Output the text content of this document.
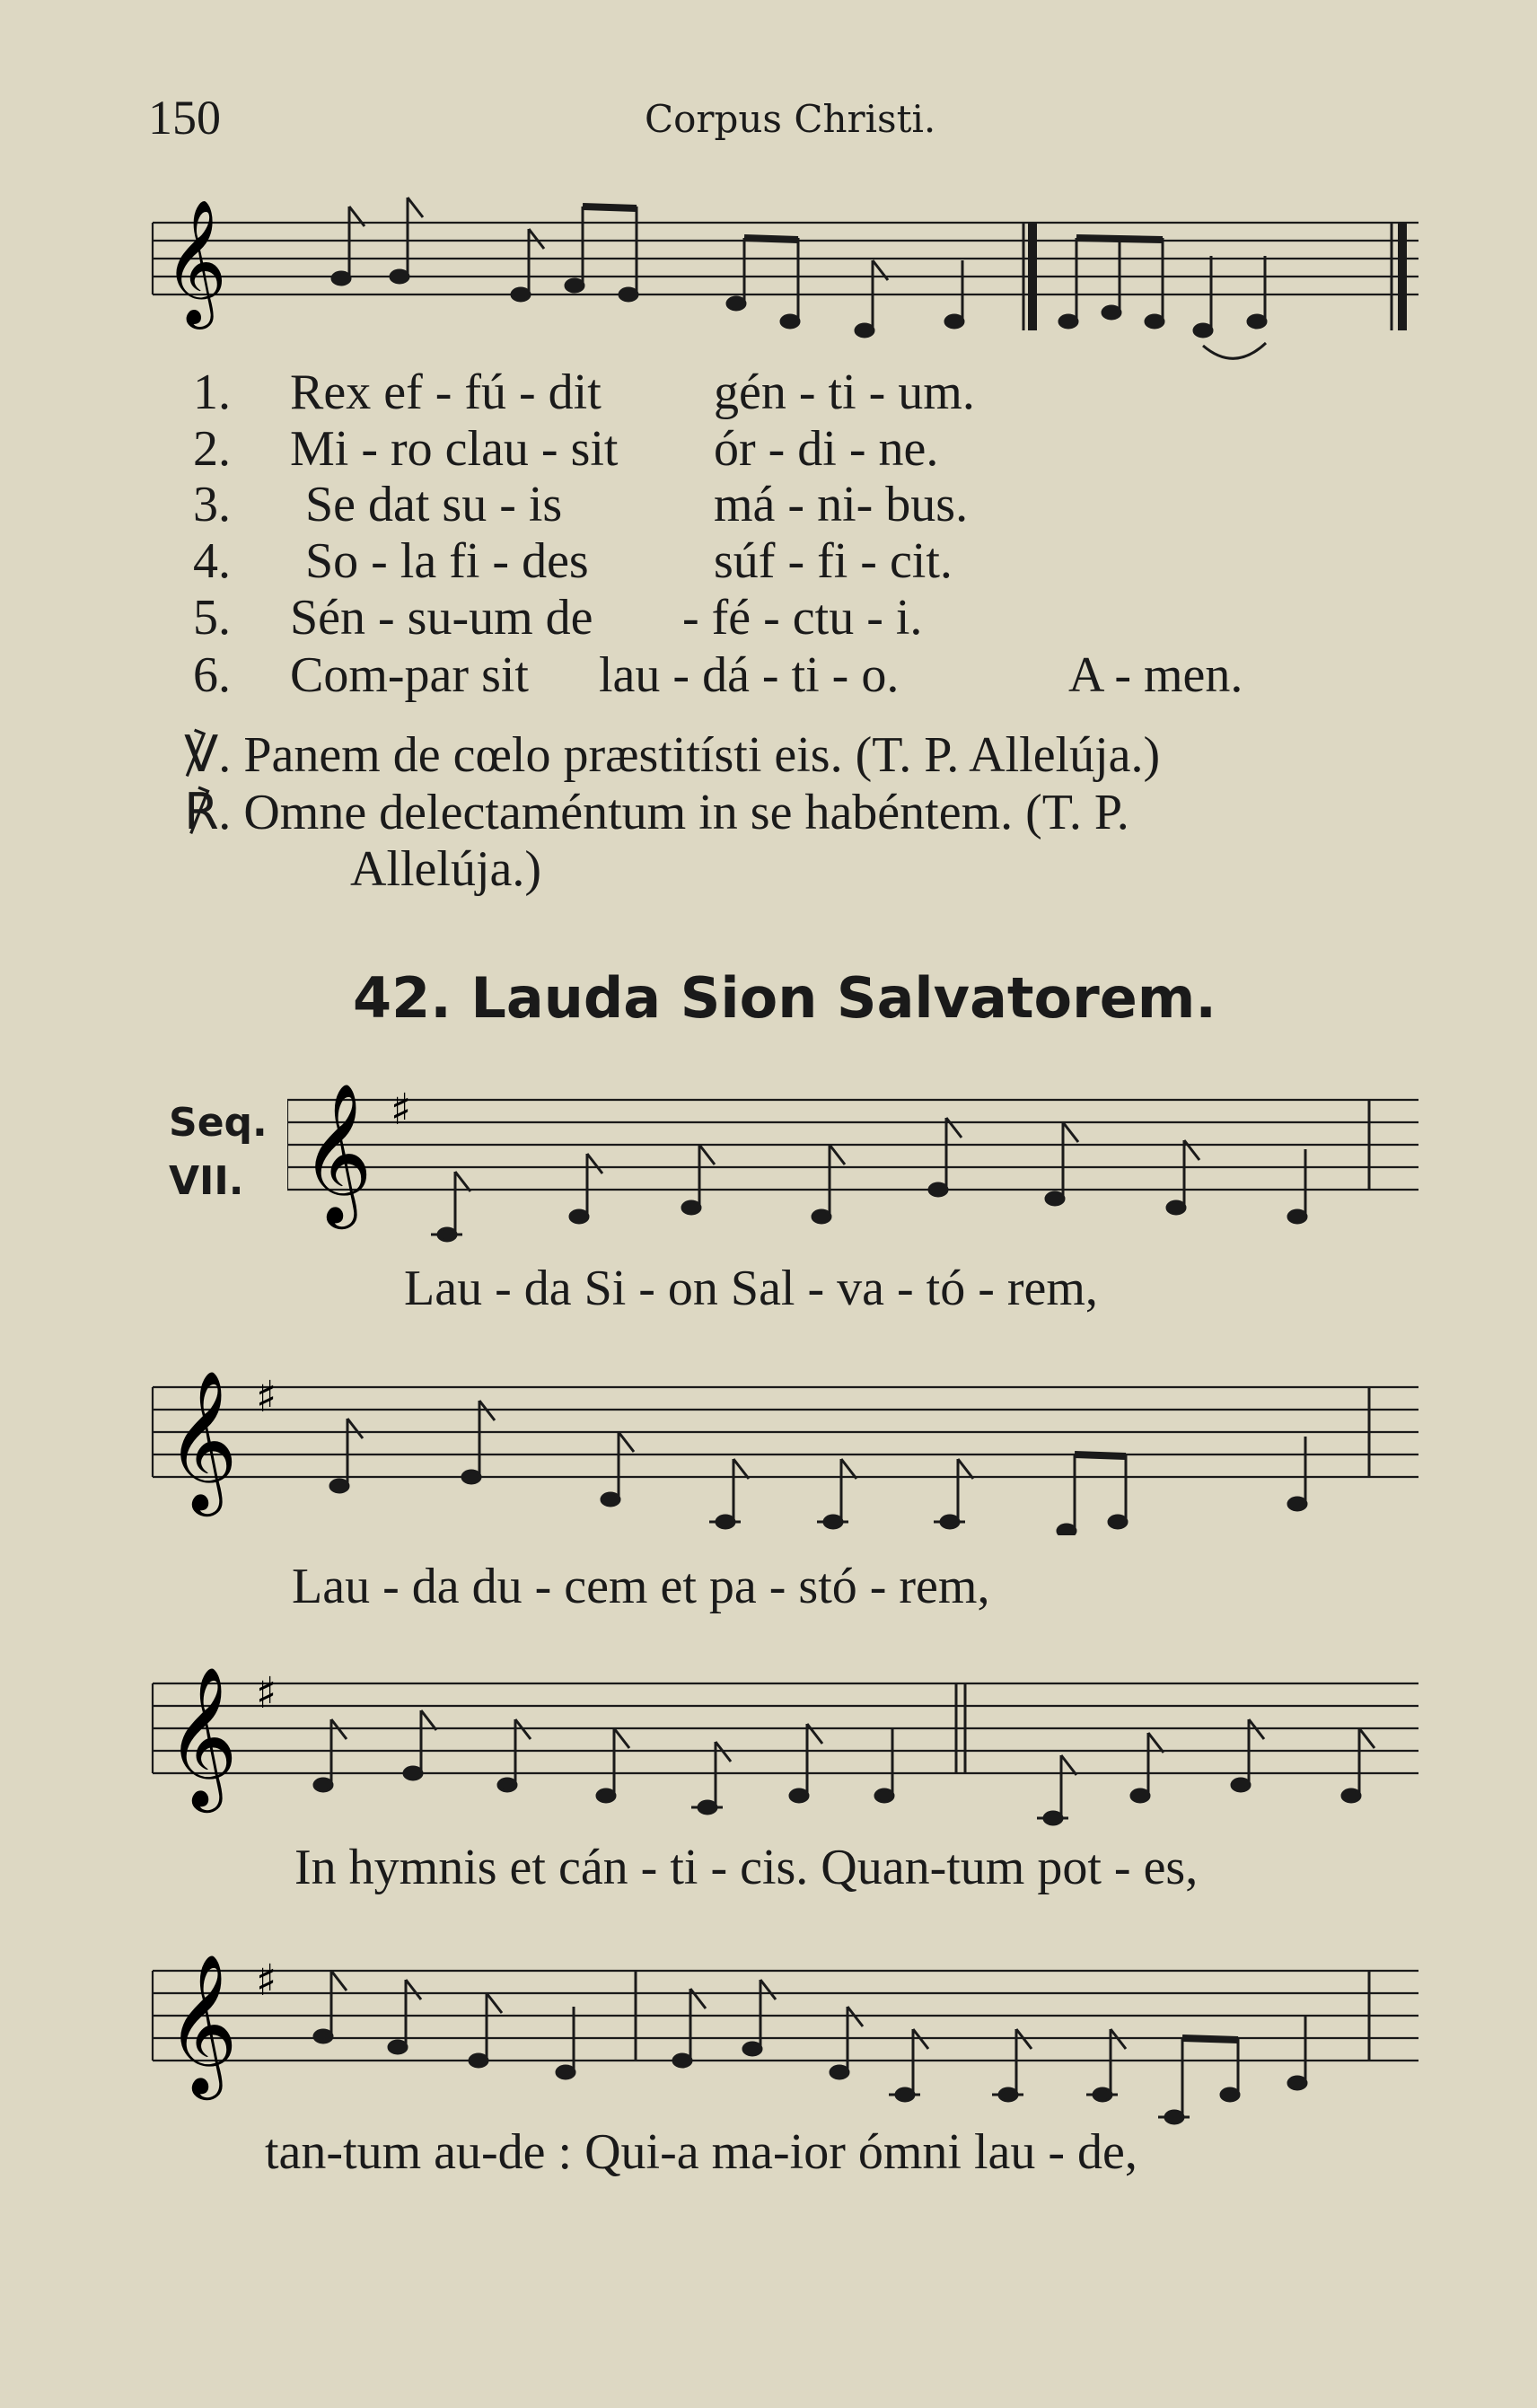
150	Corpus Christi.
𝄞
1. Rex ef - fú - dit gén - ti - um.
2. Mi - ro clau - sit ór - di - ne.
3. Se dat su - is	má - ni- bus.
4. So - la fi - des súf - fi - cit.
5. Sén - su-um de - fé - ctu - i.
6. Com-par sit lau - dá - ti - o.	A - men.
℣. Panem de cœlo præstitísti eis. (T. P. Allelúja.)
℟. Omne delectaméntum in se habéntem. (T. P.
Allelúja.)
42. Lauda Sion Salvatorem.
Seq.
VII. 𝄞 ♯
Lau - da Si - on Sal - va - tó - rem,
𝄞 ♯
Lau - da du - cem et pa - stó - rem,
𝄞 ♯
In hymnis et cán - ti - cis. Quan-tum pot - es,
𝄞 ♯
tan-tum au-de : Qui-a ma-ior ómni lau - de,
